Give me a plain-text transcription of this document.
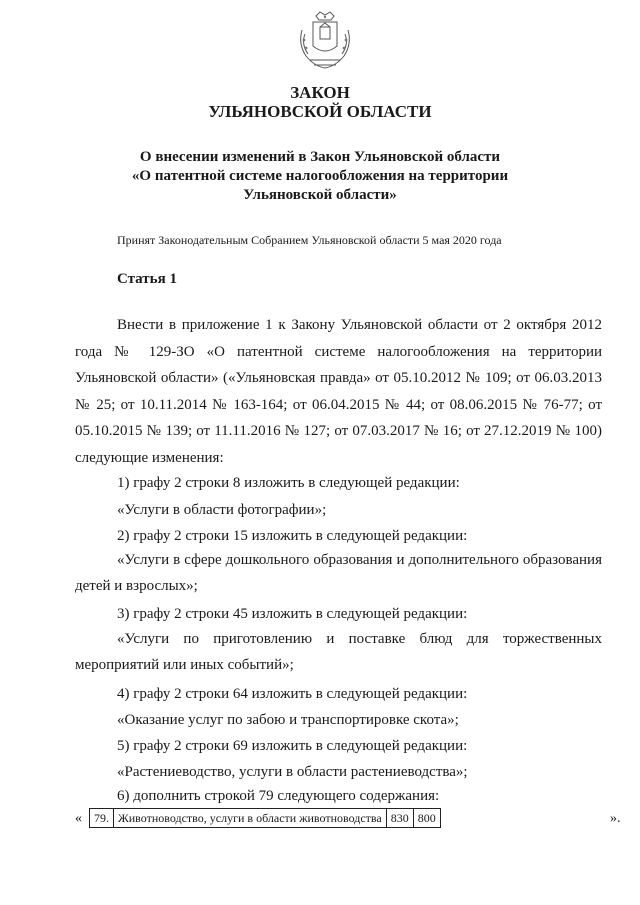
ЗАКОН
УЛЬЯНОВСКОЙ ОБЛАСТИ
О внесении изменений в Закон Ульяновской области
«О патентной системе налогообложения на территории
Ульяновской области»
Принят Законодательным Собранием Ульяновской области 5 мая 2020 года
Статья 1
Внести в приложение 1 к Закону Ульяновской области от 2 октября 2012 года № 129-ЗО «О патентной системе налогообложения на территории Ульяновской области» («Ульяновская правда» от 05.10.2012 № 109; от 06.03.2013 № 25; от 10.11.2014 № 163-164; от 06.04.2015 № 44; от 08.06.2015 № 76-77; от 05.10.2015 № 139; от 11.11.2016 № 127; от 07.03.2017 № 16; от 27.12.2019 № 100) следующие изменения:
1) графу 2 строки 8 изложить в следующей редакции:
«Услуги в области фотографии»;
2) графу 2 строки 15 изложить в следующей редакции:
«Услуги в сфере дошкольного образования и дополнительного образования детей и взрослых»;
3) графу 2 строки 45 изложить в следующей редакции:
«Услуги по приготовлению и поставке блюд для торжественных мероприятий или иных событий»;
4) графу 2 строки 64 изложить в следующей редакции:
«Оказание услуг по забою и транспортировке скота»;
5) графу 2 строки 69 изложить в следующей редакции:
«Растениеводство, услуги в области растениеводства»;
6) дополнить строкой 79 следующего содержания:
« 79.	Животноводство, услуги в области животноводства	830	800	».
